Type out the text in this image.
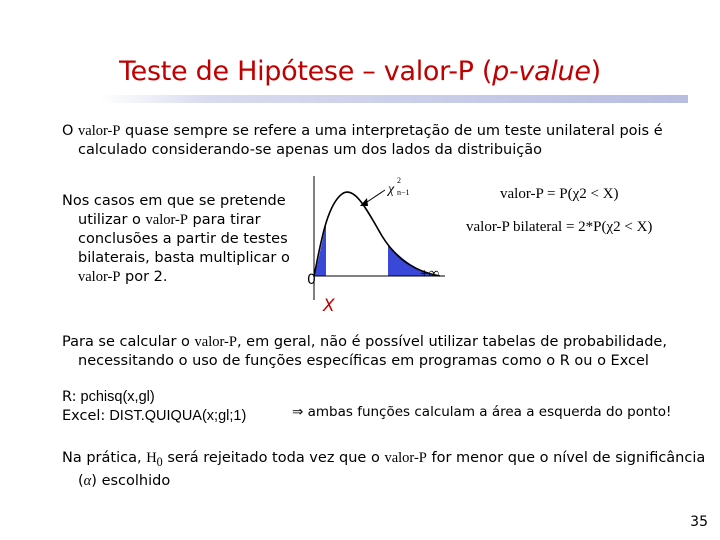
Teste de Hipótese – valor-P (p-value)
O valor-P quase sempre se refere a uma interpretação de um teste unilateral pois é calculado considerando-se apenas um dos lados da distribuição
Nos casos em que se pretende utilizar o valor-P para tirar conclusões a partir de testes bilaterais, basta multiplicar o valor-P por 2.
χ
2
n−1
0	+∞
X
valor-P = P(χ2 < X)
valor-P bilateral = 2*P(χ2 < X)
Para se calcular o valor-P, em geral, não é possível utilizar tabelas de probabilidade, necessitando o uso de funções específicas em programas como o R ou o Excel
R: pchisq(x,gl)
Excel: DIST.QUIQUA(x;gl;1)	⇒ ambas funções calculam a área a esquerda do ponto!
Na prática, $H_0$ será rejeitado toda vez que o valor-P for menor que o nível de significância (α) escolhido
35
